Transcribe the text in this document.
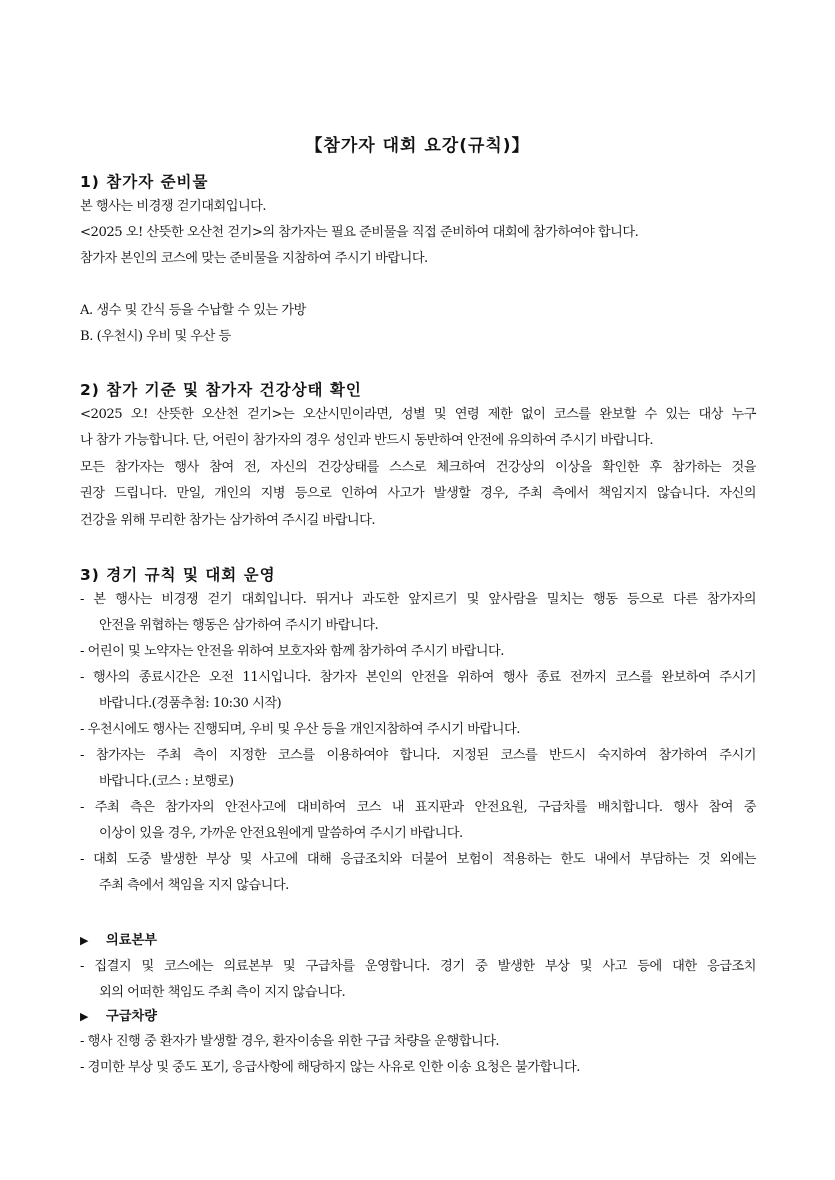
【참가자 대회 요강(규칙)】
1) 참가자 준비물
본 행사는 비경쟁 걷기대회입니다.
<2025 오! 산뜻한 오산천 걷기>의 참가자는 필요 준비물을 직접 준비하여 대회에 참가하여야 합니다.
참가자 본인의 코스에 맞는 준비물을 지참하여 주시기 바랍니다.
A. 생수 및 간식 등을 수납할 수 있는 가방
B. (우천시) 우비 및 우산 등
2) 참가 기준 및 참가자 건강상태 확인
<2025 오! 산뜻한 오산천 걷기>는 오산시민이라면, 성별 및 연령 제한 없이 코스를 완보할 수 있는 대상 누구
나 참가 가능합니다. 단, 어린이 참가자의 경우 성인과 반드시 동반하여 안전에 유의하여 주시기 바랍니다.
모든 참가자는 행사 참여 전, 자신의 건강상태를 스스로 체크하여 건강상의 이상을 확인한 후 참가하는 것을
권장 드립니다. 만일, 개인의 지병 등으로 인하여 사고가 발생할 경우, 주최 측에서 책임지지 않습니다. 자신의
건강을 위해 무리한 참가는 삼가하여 주시길 바랍니다.
3) 경기 규칙 및 대회 운영
- 본 행사는 비경쟁 걷기 대회입니다. 뛰거나 과도한 앞지르기 및 앞사람을 밀치는 행동 등으로 다른 참가자의
안전을 위협하는 행동은 삼가하여 주시기 바랍니다.
- 어린이 및 노약자는 안전을 위하여 보호자와 함께 참가하여 주시기 바랍니다.
- 행사의 종료시간은 오전 11시입니다. 참가자 본인의 안전을 위하여 행사 종료 전까지 코스를 완보하여 주시기
바랍니다.(경품추첨: 10:30 시작)
- 우천시에도 행사는 진행되며, 우비 및 우산 등을 개인지참하여 주시기 바랍니다.
- 참가자는 주최 측이 지정한 코스를 이용하여야 합니다. 지정된 코스를 반드시 숙지하여 참가하여 주시기
바랍니다.(코스 : 보행로)
- 주최 측은 참가자의 안전사고에 대비하여 코스 내 표지판과 안전요원, 구급차를 배치합니다. 행사 참여 중
이상이 있을 경우, 가까운 안전요원에게 말씀하여 주시기 바랍니다.
- 대회 도중 발생한 부상 및 사고에 대해 응급조치와 더불어 보험이 적용하는 한도 내에서 부담하는 것 외에는
주최 측에서 책임을 지지 않습니다.
▶ 의료본부
- 집결지 및 코스에는 의료본부 및 구급차를 운영합니다. 경기 중 발생한 부상 및 사고 등에 대한 응급조치
외의 어떠한 책임도 주최 측이 지지 않습니다.
▶ 구급차량
- 행사 진행 중 환자가 발생할 경우, 환자이송을 위한 구급 차량을 운행합니다.
- 경미한 부상 및 중도 포기, 응급사항에 해당하지 않는 사유로 인한 이송 요청은 불가합니다.
